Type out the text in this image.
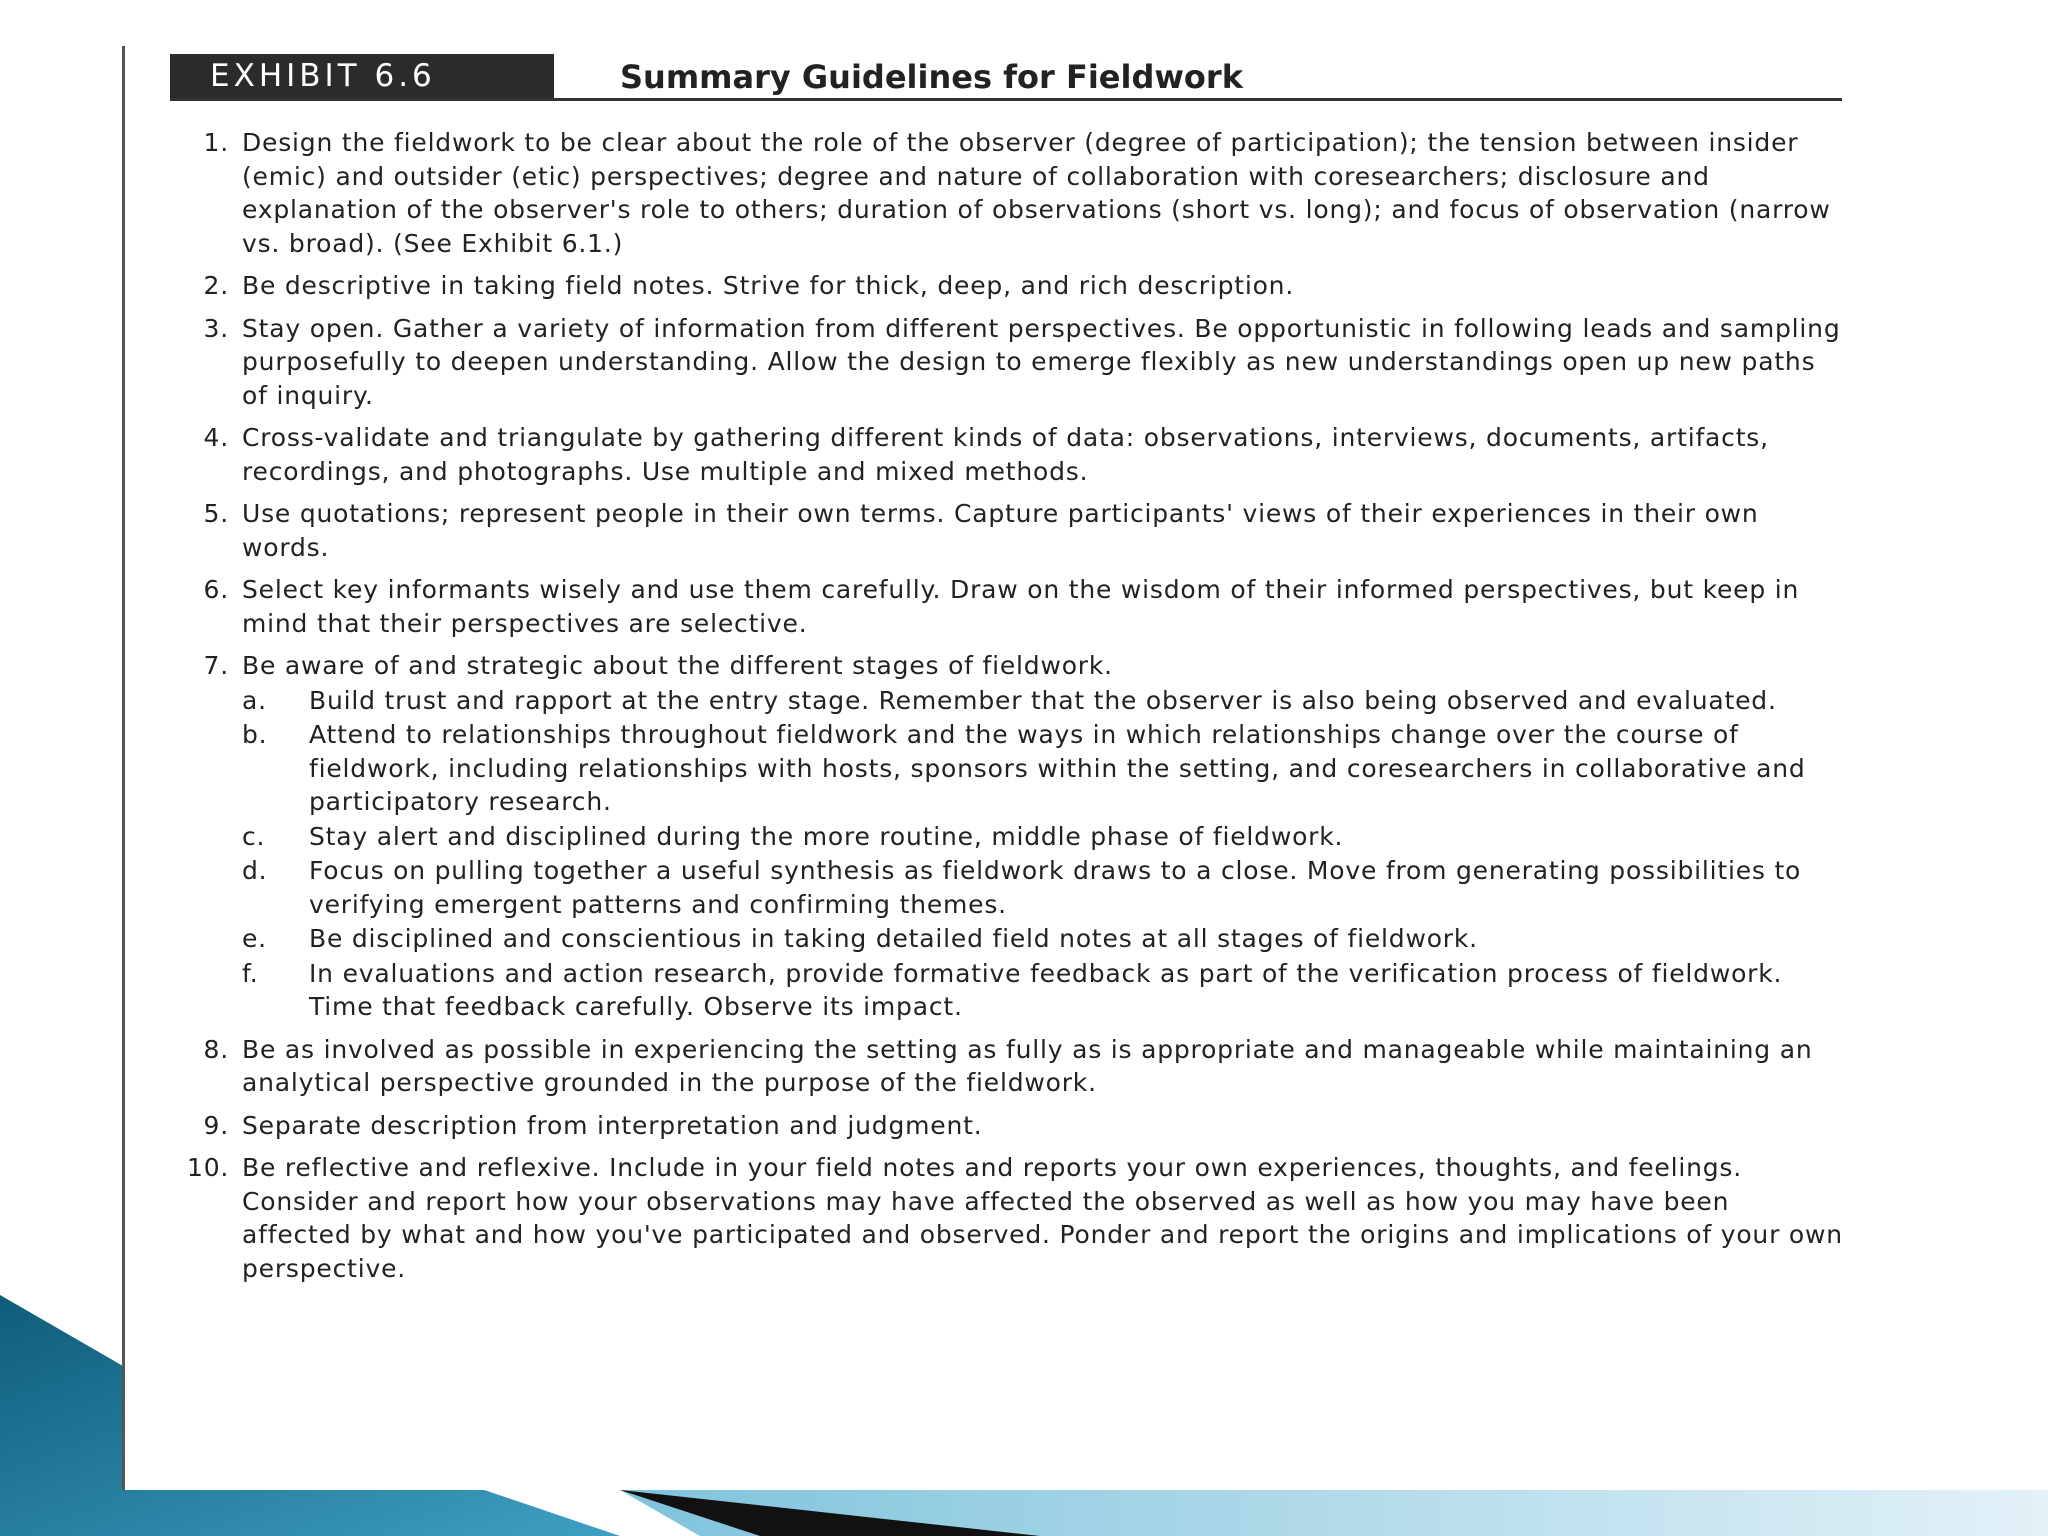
EXHIBIT 6.6	Summary Guidelines for Fieldwork
1. Design the fieldwork to be clear about the role of the observer (degree of participation); the tension between insider (emic) and outsider (etic) perspectives; degree and nature of collaboration with coresearchers; disclosure and explanation of the observer's role to others; duration of observations (short vs. long); and focus of observation (narrow vs. broad). (See Exhibit 6.1.)
2. Be descriptive in taking field notes. Strive for thick, deep, and rich description.
3. Stay open. Gather a variety of information from different perspectives. Be opportunistic in following leads and sampling purposefully to deepen understanding. Allow the design to emerge flexibly as new understandings open up new paths of inquiry.
4. Cross-validate and triangulate by gathering different kinds of data: observations, interviews, documents, artifacts, recordings, and photographs. Use multiple and mixed methods.
5. Use quotations; represent people in their own terms. Capture participants' views of their experiences in their own words.
6. Select key informants wisely and use them carefully. Draw on the wisdom of their informed perspectives, but keep in mind that their perspectives are selective.
7. Be aware of and strategic about the different stages of fieldwork.
a. Build trust and rapport at the entry stage. Remember that the observer is also being observed and evaluated.
b. Attend to relationships throughout fieldwork and the ways in which relationships change over the course of fieldwork, including relationships with hosts, sponsors within the setting, and coresearchers in collaborative and participatory research.
c. Stay alert and disciplined during the more routine, middle phase of fieldwork.
d. Focus on pulling together a useful synthesis as fieldwork draws to a close. Move from generating possibilities to verifying emergent patterns and confirming themes.
e. Be disciplined and conscientious in taking detailed field notes at all stages of fieldwork.
f. In evaluations and action research, provide formative feedback as part of the verification process of fieldwork. Time that feedback carefully. Observe its impact.
8. Be as involved as possible in experiencing the setting as fully as is appropriate and manageable while maintaining an analytical perspective grounded in the purpose of the fieldwork.
9. Separate description from interpretation and judgment.
10. Be reflective and reflexive. Include in your field notes and reports your own experiences, thoughts, and feelings. Consider and report how your observations may have affected the observed as well as how you may have been affected by what and how you've participated and observed. Ponder and report the origins and implications of your own perspective.
